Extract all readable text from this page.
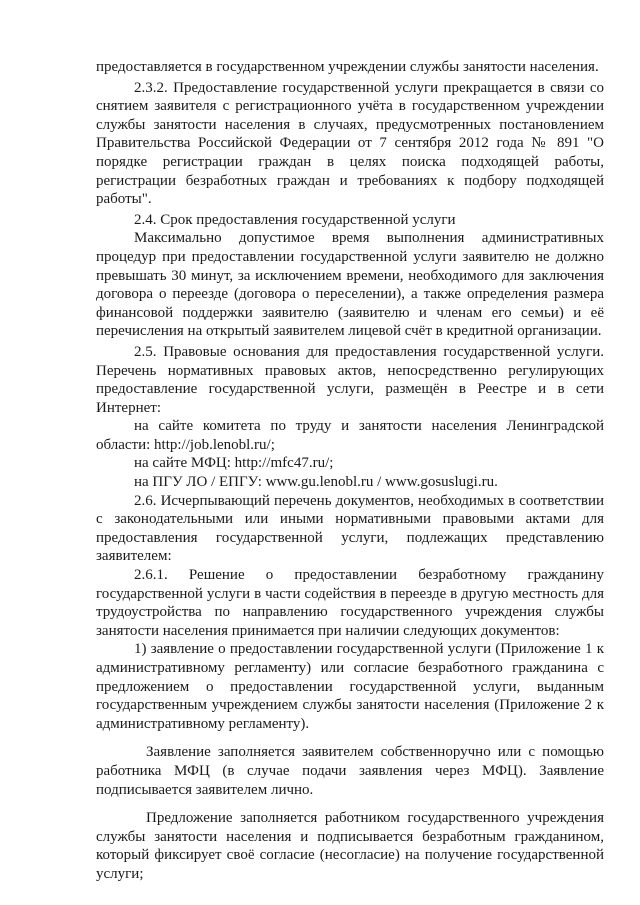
предоставляется в государственном учреждении службы занятости населения.

2.3.2. Предоставление государственной услуги прекращается в связи со снятием заявителя с регистрационного учёта в государственном учреждении службы занятости населения в случаях, предусмотренных постановлением Правительства Российской Федерации от 7 сентября 2012 года № 891 "О порядке регистрации граждан в целях поиска подходящей работы, регистрации безработных граждан и требованиях к подбору подходящей работы".

2.4. Срок предоставления государственной услуги

Максимально допустимое время выполнения административных процедур при предоставлении государственной услуги заявителю не должно превышать 30 минут, за исключением времени, необходимого для заключения договора о переезде (договора о переселении), а также определения размера финансовой поддержки заявителю (заявителю и членам его семьи) и её перечисления на открытый заявителем лицевой счёт в кредитной организации.

2.5. Правовые основания для предоставления государственной услуги. Перечень нормативных правовых актов, непосредственно регулирующих предоставление государственной услуги, размещён в Реестре и в сети Интернет:

на сайте комитета по труду и занятости населения Ленинградской области: http://job.lenobl.ru/;

на сайте МФЦ: http://mfc47.ru/;

на ПГУ ЛО / ЕПГУ: www.gu.lenobl.ru / www.gosuslugi.ru.

2.6. Исчерпывающий перечень документов, необходимых в соответствии с законодательными или иными нормативными правовыми актами для предоставления государственной услуги, подлежащих представлению заявителем:

2.6.1. Решение о предоставлении безработному гражданину государственной услуги в части содействия в переезде в другую местность для трудоустройства по направлению государственного учреждения службы занятости населения принимается при наличии следующих документов:

1) заявление о предоставлении государственной услуги (Приложение 1 к административному регламенту) или согласие безработного гражданина с предложением о предоставлении государственной услуги, выданным государственным учреждением службы занятости населения (Приложение 2 к административному регламенту).

Заявление заполняется заявителем собственноручно или с помощью работника МФЦ (в случае подачи заявления через МФЦ). Заявление подписывается заявителем лично.

Предложение заполняется работником государственного учреждения службы занятости населения и подписывается безработным гражданином, который фиксирует своё согласие (несогласие) на получение государственной услуги;
